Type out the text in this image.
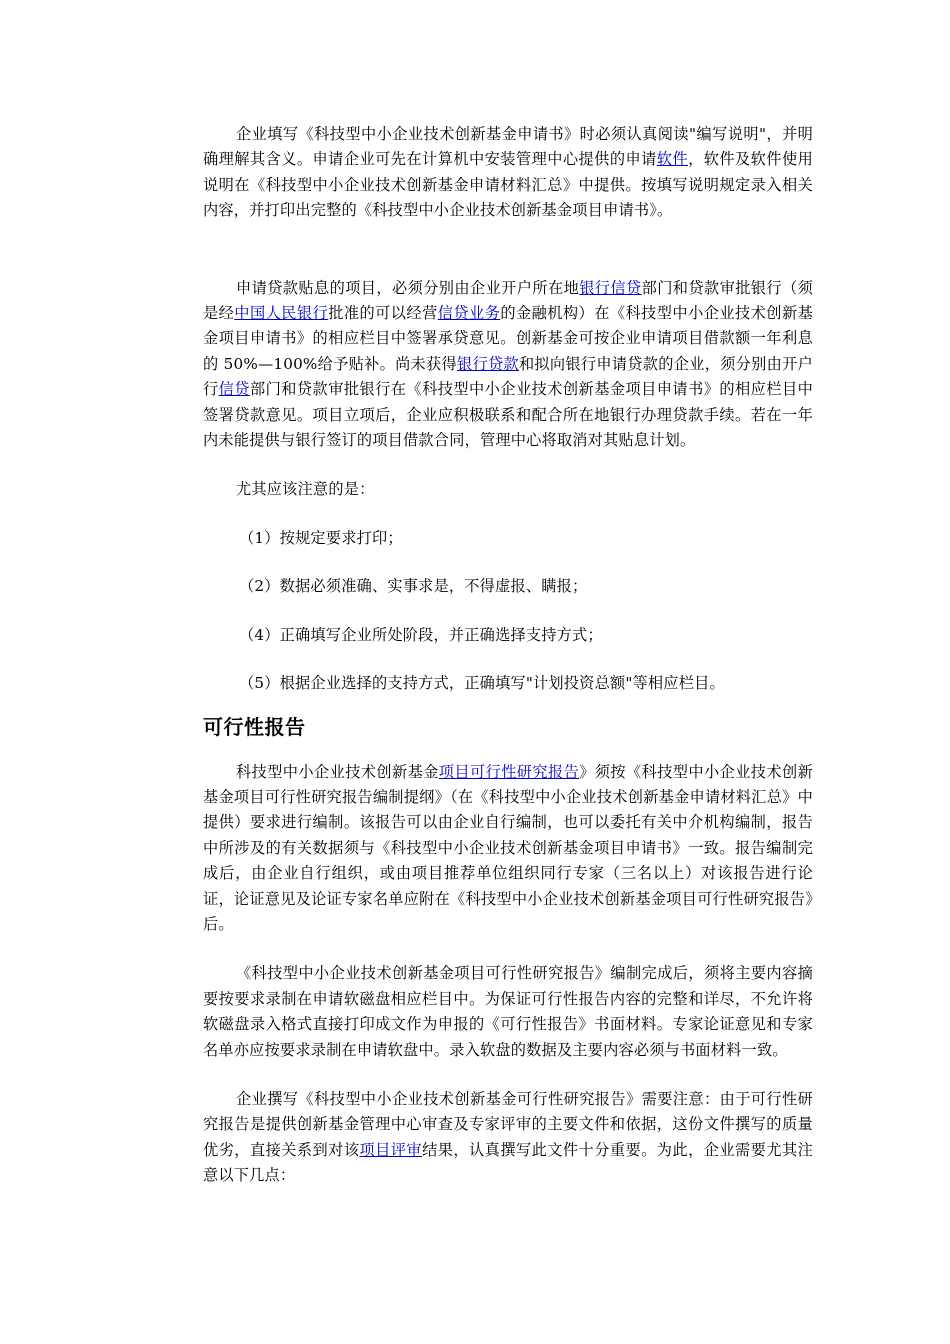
企业填写《科技型中小企业技术创新基金申请书》时必须认真阅读"编写说明"，并明确理解其含义。申请企业可先在计算机中安装管理中心提供的申请软件，软件及软件使用说明在《科技型中小企业技术创新基金申请材料汇总》中提供。按填写说明规定录入相关内容，并打印出完整的《科技型中小企业技术创新基金项目申请书》。

申请贷款贴息的项目，必须分别由企业开户所在地银行信贷部门和贷款审批银行（须是经中国人民银行批准的可以经营信贷业务的金融机构）在《科技型中小企业技术创新基金项目申请书》的相应栏目中签署承贷意见。创新基金可按企业申请项目借款额一年利息的 50%—100%给予贴补。尚未获得银行贷款和拟向银行申请贷款的企业，须分别由开户行信贷部门和贷款审批银行在《科技型中小企业技术创新基金项目申请书》的相应栏目中签署贷款意见。项目立项后，企业应积极联系和配合所在地银行办理贷款手续。若在一年内未能提供与银行签订的项目借款合同，管理中心将取消对其贴息计划。

尤其应该注意的是：

（1）按规定要求打印；

（2）数据必须准确、实事求是，不得虚报、瞒报；

（4）正确填写企业所处阶段，并正确选择支持方式；

（5）根据企业选择的支持方式，正确填写"计划投资总额"等相应栏目。

可行性报告

科技型中小企业技术创新基金项目可行性研究报告》须按《科技型中小企业技术创新基金项目可行性研究报告编制提纲》（在《科技型中小企业技术创新基金申请材料汇总》中提供）要求进行编制。该报告可以由企业自行编制，也可以委托有关中介机构编制，报告中所涉及的有关数据须与《科技型中小企业技术创新基金项目申请书》一致。报告编制完成后，由企业自行组织，或由项目推荐单位组织同行专家（三名以上）对该报告进行论证，论证意见及论证专家名单应附在《科技型中小企业技术创新基金项目可行性研究报告》后。

《科技型中小企业技术创新基金项目可行性研究报告》编制完成后，须将主要内容摘要按要求录制在申请软磁盘相应栏目中。为保证可行性报告内容的完整和详尽，不允许将软磁盘录入格式直接打印成文作为申报的《可行性报告》书面材料。专家论证意见和专家名单亦应按要求录制在申请软盘中。录入软盘的数据及主要内容必须与书面材料一致。

企业撰写《科技型中小企业技术创新基金可行性研究报告》需要注意：由于可行性研究报告是提供创新基金管理中心审查及专家评审的主要文件和依据，这份文件撰写的质量优劣，直接关系到对该项目评审结果，认真撰写此文件十分重要。为此，企业需要尤其注意以下几点：
